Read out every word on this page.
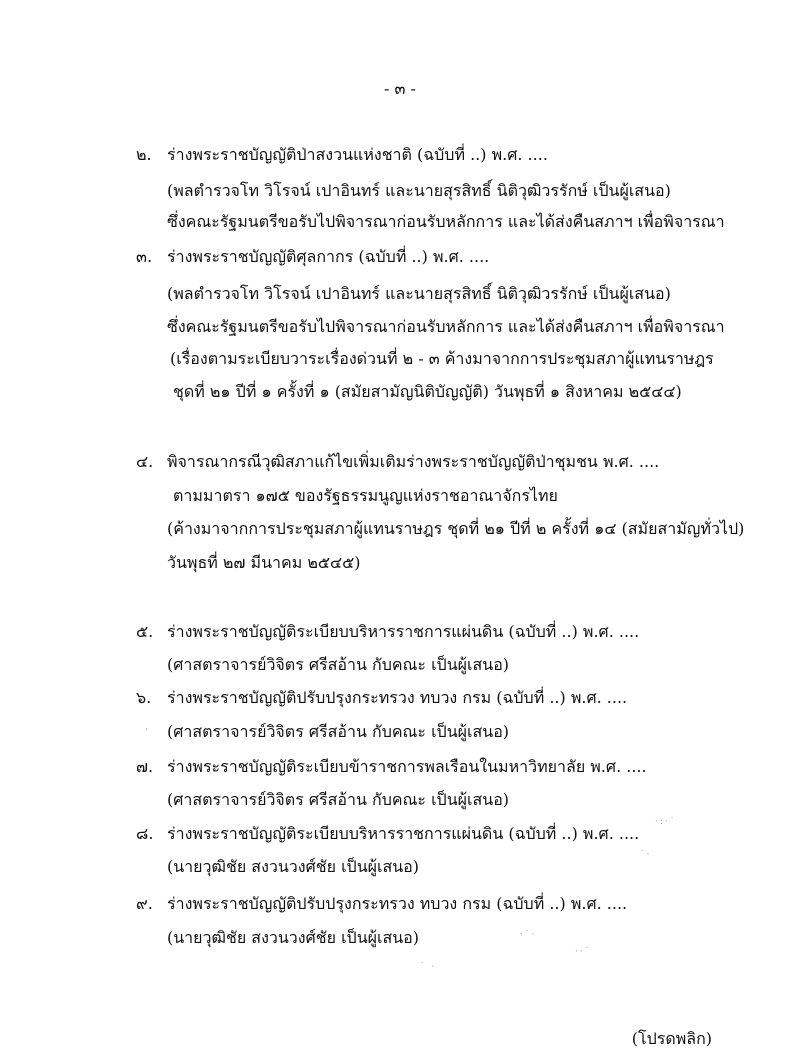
- ๓ -
๒. ร่างพระราชบัญญัติป่าสงวนแห่งชาติ (ฉบับที่ ..) พ.ศ. ....
(พลตำรวจโท วิโรจน์ เปาอินทร์ และนายสุรสิทธิ์ นิติวุฒิวรรักษ์ เป็นผู้เสนอ)
ซึ่งคณะรัฐมนตรีขอรับไปพิจารณาก่อนรับหลักการ และได้ส่งคืนสภาฯ เพื่อพิจารณา
๓. ร่างพระราชบัญญัติศุลกากร (ฉบับที่ ..) พ.ศ. ....
(พลตำรวจโท วิโรจน์ เปาอินทร์ และนายสุรสิทธิ์ นิติวุฒิวรรักษ์ เป็นผู้เสนอ)
ซึ่งคณะรัฐมนตรีขอรับไปพิจารณาก่อนรับหลักการ และได้ส่งคืนสภาฯ เพื่อพิจารณา
(เรื่องตามระเบียบวาระเรื่องด่วนที่ ๒ - ๓ ค้างมาจากการประชุมสภาผู้แทนราษฎร
ชุดที่ ๒๑ ปีที่ ๑ ครั้งที่ ๑ (สมัยสามัญนิติบัญญัติ) วันพุธที่ ๑ สิงหาคม ๒๕๔๔)
๔. พิจารณากรณีวุฒิสภาแก้ไขเพิ่มเติมร่างพระราชบัญญัติป่าชุมชน พ.ศ. ....
ตามมาตรา ๑๗๕ ของรัฐธรรมนูญแห่งราชอาณาจักรไทย
(ค้างมาจากการประชุมสภาผู้แทนราษฎร ชุดที่ ๒๑ ปีที่ ๒ ครั้งที่ ๑๔ (สมัยสามัญทั่วไป)
วันพุธที่ ๒๗ มีนาคม ๒๕๔๕)
๕. ร่างพระราชบัญญัติระเบียบบริหารราชการแผ่นดิน (ฉบับที่ ..) พ.ศ. ....
(ศาสตราจารย์วิจิตร ศรีสอ้าน กับคณะ เป็นผู้เสนอ)
๖. ร่างพระราชบัญญัติปรับปรุงกระทรวง ทบวง กรม (ฉบับที่ ..) พ.ศ. ....
(ศาสตราจารย์วิจิตร ศรีสอ้าน กับคณะ เป็นผู้เสนอ)
๗. ร่างพระราชบัญญัติระเบียบข้าราชการพลเรือนในมหาวิทยาลัย พ.ศ. ....
(ศาสตราจารย์วิจิตร ศรีสอ้าน กับคณะ เป็นผู้เสนอ)
๘. ร่างพระราชบัญญัติระเบียบบริหารราชการแผ่นดิน (ฉบับที่ ..) พ.ศ. ....
(นายวุฒิชัย สงวนวงศ์ชัย เป็นผู้เสนอ)
๙. ร่างพระราชบัญญัติปรับปรุงกระทรวง ทบวง กรม (ฉบับที่ ..) พ.ศ. ....
(นายวุฒิชัย สงวนวงศ์ชัย เป็นผู้เสนอ)
·:·˙
˙·
·˙·
··˙
˙ ·
·
(โปรดพลิก)
